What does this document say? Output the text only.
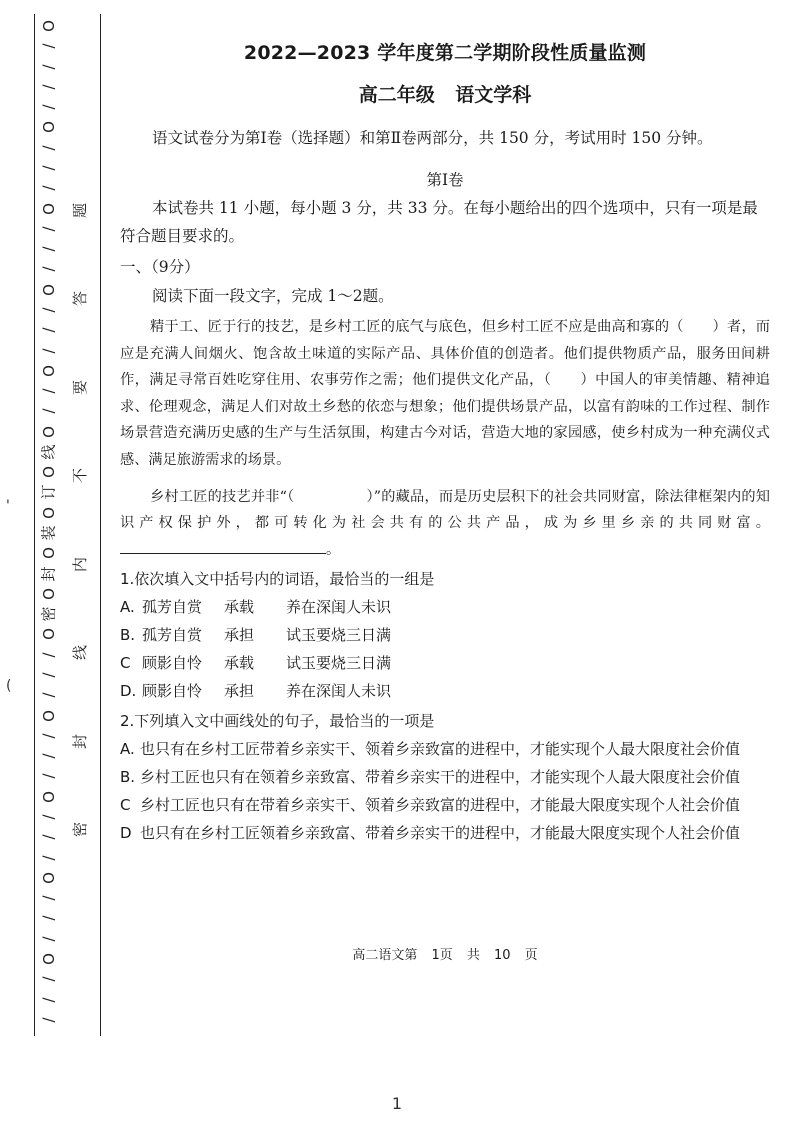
O
/
/
/
/
O
/
/
/
O
/
/
/
O
/
/
/
O
/
/
O
线
O
订
O
装
O
封
O
密
O
/
/
/
O
/
/
/
O
/
/
/
O
/
/
/
O
/
/
/
题
答
要
不
内
线
封
密
'
(
2022—2023 学年度第二学期阶段性质量监测
高二年级 语文学科

语文试卷分为第Ⅰ卷（选择题）和第Ⅱ卷两部分，共 150 分，考试用时 150 分钟。

第Ⅰ卷

本试卷共 11 小题，每小题 3 分，共 33 分。在每小题给出的四个选项中，只有一项是最符合题目要求的。

一、（9分）

阅读下面一段文字，完成 1～2题。

精于工、匠于行的技艺，是乡村工匠的底气与底色，但乡村工匠不应是曲高和寡的（　　）者，而应是充满人间烟火、饱含故土味道的实际产品、具体价值的创造者。他们提供物质产品，服务田间耕作，满足寻常百姓吃穿住用、农事劳作之需；他们提供文化产品，（　　）中国人的审美情趣、精神追求、伦理观念，满足人们对故土乡愁的依恋与想象；他们提供场景产品，以富有韵味的工作过程、制作场景营造充满历史感的生产与生活氛围，构建古今对话，营造大地的家园感，使乡村成为一种充满仪式感、满足旅游需求的场景。

乡村工匠的技艺并非“（　　　　　）”的藏品，而是历史层积下的社会共同财富，除法律框架内的知识产权保护外，都可转化为社会共有的公共产品，成为乡里乡亲的共同财富。。

1.依次填入文中括号内的词语，最恰当的一组是

A. 孤芳自赏	承载	养在深闺人未识
B. 孤芳自赏	承担	试玉要烧三日满
C 顾影自怜	承载	试玉要烧三日满
D. 顾影自怜	承担	养在深闺人未识

2.下列填入文中画线处的句子，最恰当的一项是

A. 也只有在乡村工匠带着乡亲实干、领着乡亲致富的进程中，才能实现个人最大限度社会价值
B. 乡村工匠也只有在领着乡亲致富、带着乡亲实干的进程中，才能实现个人最大限度社会价值
C 乡村工匠也只有在带着乡亲实干、领着乡亲致富的进程中，才能最大限度实现个人社会价值
D 也只有在乡村工匠领着乡亲致富、带着乡亲实干的进程中，才能最大限度实现个人社会价值
高二语文第 1页 共 10 页
1
